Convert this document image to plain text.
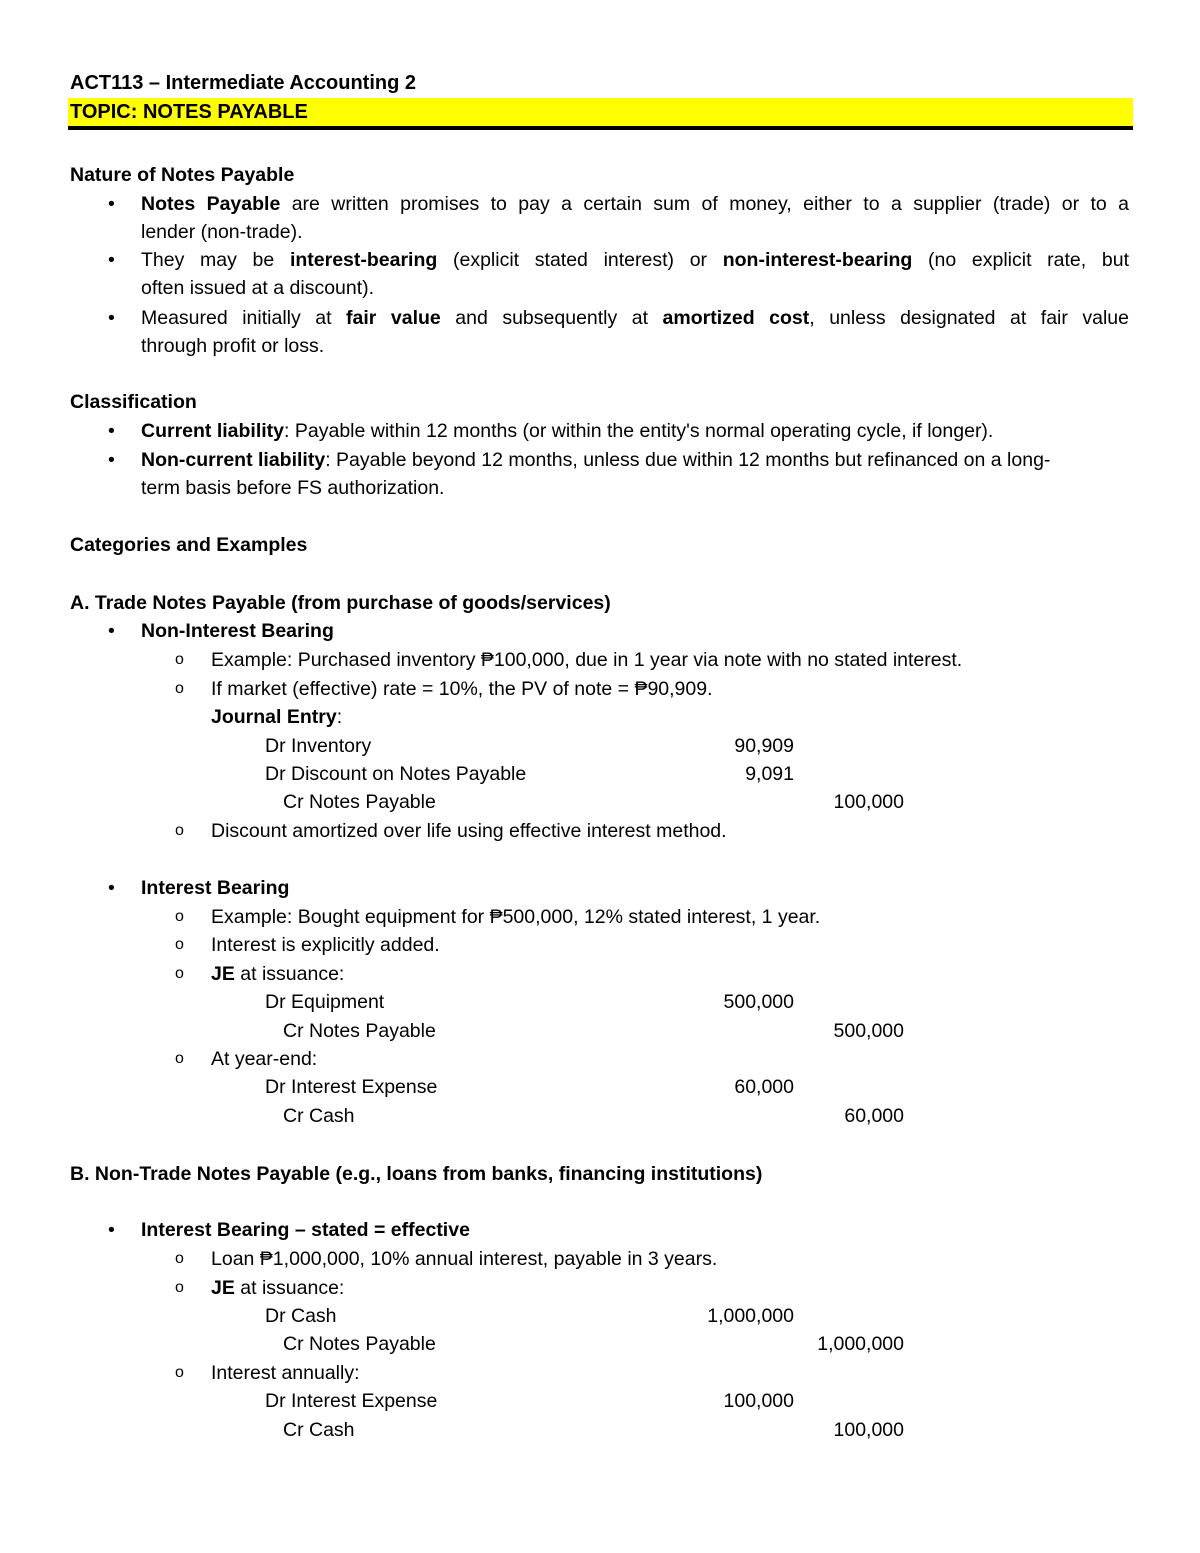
ACT113 – Intermediate Accounting 2
TOPIC: NOTES PAYABLE
Nature of Notes Payable
• Notes Payable are written promises to pay a certain sum of money, either to a supplier (trade) or to a
lender (non-trade).
• They may be interest-bearing (explicit stated interest) or non-interest-bearing (no explicit rate, but
often issued at a discount).
• Measured initially at fair value and subsequently at amortized cost, unless designated at fair value
through profit or loss.
Classification
• Current liability: Payable within 12 months (or within the entity's normal operating cycle, if longer).
• Non-current liability: Payable beyond 12 months, unless due within 12 months but refinanced on a long-
term basis before FS authorization.
Categories and Examples
A. Trade Notes Payable (from purchase of goods/services)
• Non-Interest Bearing
o Example: Purchased inventory ₱100,000, due in 1 year via note with no stated interest.
o If market (effective) rate = 10%, the PV of note = ₱90,909.
Journal Entry:
Dr Inventory	90,909
Dr Discount on Notes Payable	9,091
Cr Notes Payable	100,000
o Discount amortized over life using effective interest method.
• Interest Bearing
o Example: Bought equipment for ₱500,000, 12% stated interest, 1 year.
o Interest is explicitly added.
o JE at issuance:
Dr Equipment	500,000
Cr Notes Payable	500,000
o At year-end:
Dr Interest Expense	60,000
Cr Cash	60,000
B. Non-Trade Notes Payable (e.g., loans from banks, financing institutions)
• Interest Bearing – stated = effective
o Loan ₱1,000,000, 10% annual interest, payable in 3 years.
o JE at issuance:
Dr Cash	1,000,000
Cr Notes Payable	1,000,000
o Interest annually:
Dr Interest Expense	100,000
Cr Cash	100,000
